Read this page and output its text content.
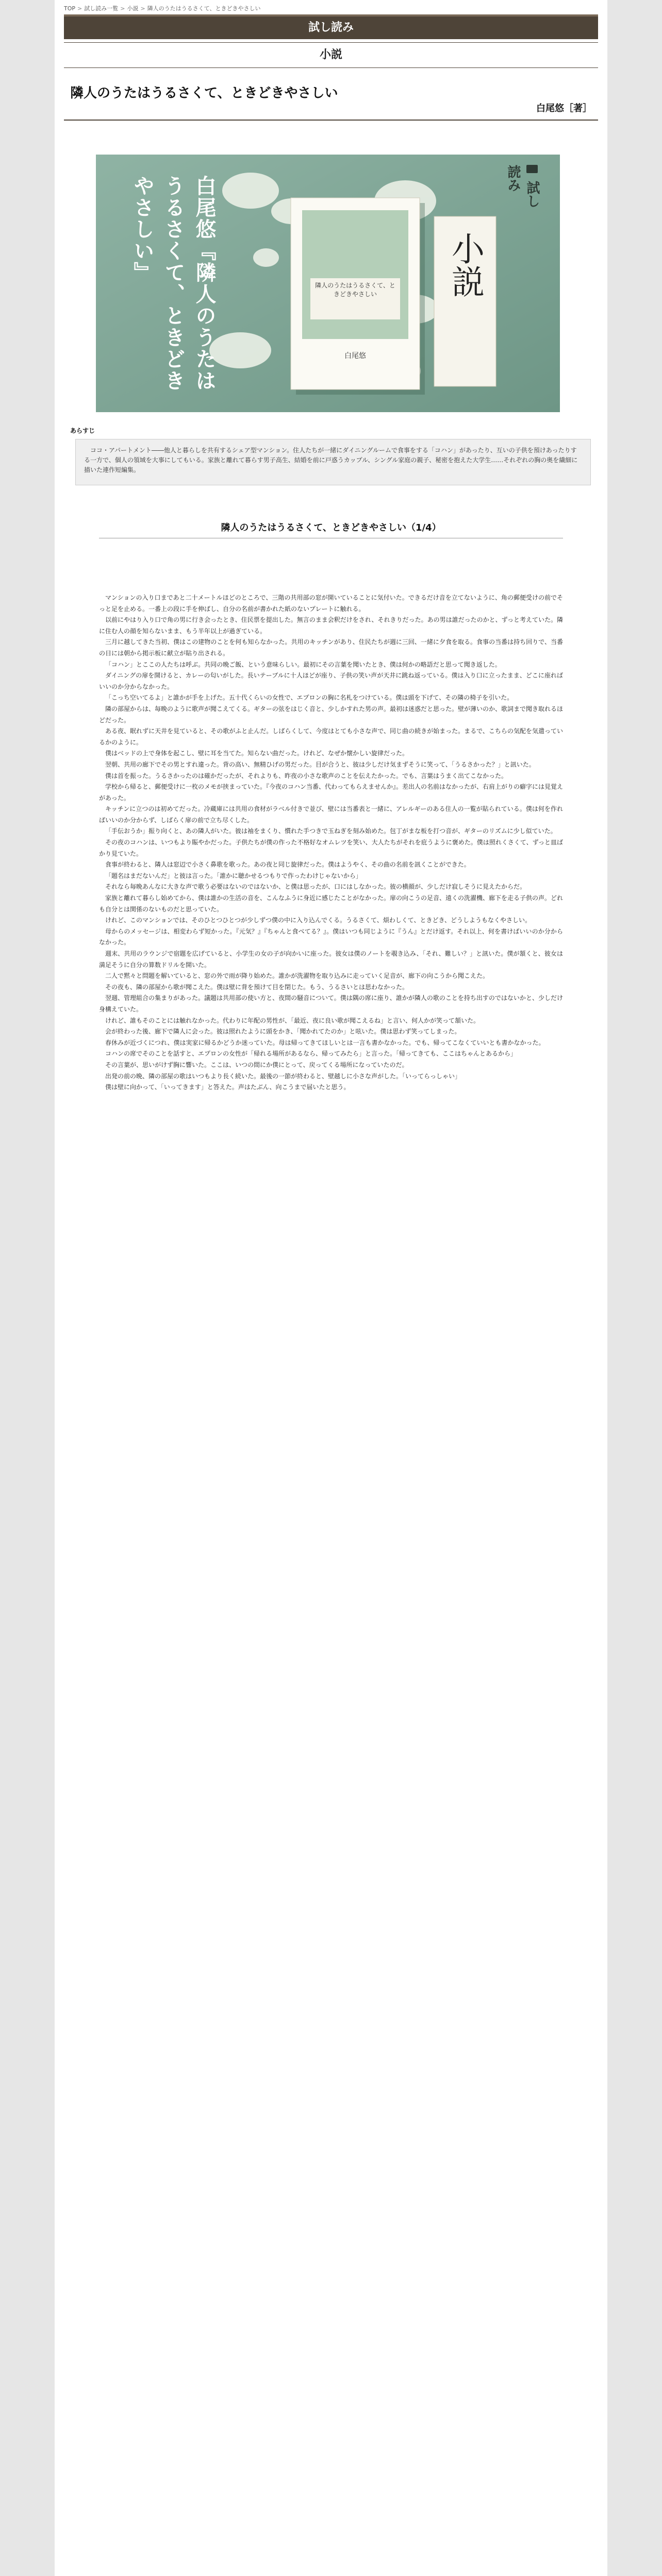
TOP > 試し読み一覧 > 小説 > 隣人のうたはうるさくて、ときどきやさしい
試し読み
小説
隣人のうたはうるさくて、ときどきやさしい
白尾悠［著］
白尾悠『隣人のうたはうるさくて、ときどきやさしい』
隣人のうたはうるさくて、ときどきやさしい
白尾悠
試し読み
小説
あらすじ
ココ・アパートメント――他人と暮らしを共有するシェア型マンション。住人たちが一緒にダイニングルームで食事をする「コハン」があったり、互いの子供を預けあったりする一方で、個人の領域を大事にしてもいる。家族と離れて暮らす男子高生、結婚を前に戸惑うカップル、シングル家庭の親子、秘密を抱えた大学生……それぞれの胸の奥を繊細に描いた連作短編集。
隣人のうたはうるさくて、ときどきやさしい（1/4）

マンションの入り口まであと二十メートルほどのところで、三階の共用部の窓が開いていることに気付いた。できるだけ音を立てないように、角の郵便受けの前でそっと足を止める。一番上の段に手を伸ばし、自分の名前が書かれた紙のないプレートに触れる。

以前にやはり入り口で角の男に行き会ったとき、住民票を提出した。無言のまま会釈だけをされ、それきりだった。あの男は誰だったのかと、ずっと考えていた。隣に住む人の顔を知らないまま、もう半年以上が過ぎている。

三月に越してきた当初、僕はこの建物のことを何も知らなかった。共用のキッチンがあり、住民たちが週に三回、一緒に夕食を取る。食事の当番は持ち回りで、当番の日には朝から掲示板に献立が貼り出される。

「コハン」とここの人たちは呼ぶ。共同の晩ご飯、という意味らしい。最初にその言葉を聞いたとき、僕は何かの略語だと思って聞き返した。

ダイニングの扉を開けると、カレーの匂いがした。長いテーブルに十人ほどが座り、子供の笑い声が天井に跳ね返っている。僕は入り口に立ったまま、どこに座ればいいのか分からなかった。

「こっち空いてるよ」と誰かが手を上げた。五十代くらいの女性で、エプロンの胸に名札をつけている。僕は頭を下げて、その隣の椅子を引いた。

隣の部屋からは、毎晩のように歌声が聞こえてくる。ギターの弦をはじく音と、少しかすれた男の声。最初は迷惑だと思った。壁が薄いのか、歌詞まで聞き取れるほどだった。

ある夜、眠れずに天井を見ていると、その歌がふと止んだ。しばらくして、今度はとても小さな声で、同じ曲の続きが始まった。まるで、こちらの気配を気遣っているかのように。

僕はベッドの上で身体を起こし、壁に耳を当てた。知らない曲だった。けれど、なぜか懐かしい旋律だった。

翌朝、共用の廊下でその男とすれ違った。背の高い、無精ひげの男だった。目が合うと、彼は少しだけ気まずそうに笑って、「うるさかった？」と訊いた。

僕は首を振った。うるさかったのは確かだったが、それよりも、昨夜の小さな歌声のことを伝えたかった。でも、言葉はうまく出てこなかった。

学校から帰ると、郵便受けに一枚のメモが挟まっていた。『今夜のコハン当番、代わってもらえませんか』。差出人の名前はなかったが、右肩上がりの癖字には見覚えがあった。

キッチンに立つのは初めてだった。冷蔵庫には共用の食材がラベル付きで並び、壁には当番表と一緒に、アレルギーのある住人の一覧が貼られている。僕は何を作ればいいのか分からず、しばらく扉の前で立ち尽くした。

「手伝おうか」振り向くと、あの隣人がいた。彼は袖をまくり、慣れた手つきで玉ねぎを刻み始めた。包丁がまな板を打つ音が、ギターのリズムに少し似ていた。

その夜のコハンは、いつもより賑やかだった。子供たちが僕の作った不格好なオムレツを笑い、大人たちがそれを庇うように褒めた。僕は照れくさくて、ずっと皿ばかり見ていた。

食事が終わると、隣人は窓辺で小さく鼻歌を歌った。あの夜と同じ旋律だった。僕はようやく、その曲の名前を訊くことができた。

「題名はまだないんだ」と彼は言った。「誰かに聴かせるつもりで作ったわけじゃないから」

それなら毎晩あんなに大きな声で歌う必要はないのではないか、と僕は思ったが、口にはしなかった。彼の横顔が、少しだけ寂しそうに見えたからだ。

家族と離れて暮らし始めてから、僕は誰かの生活の音を、こんなふうに身近に感じたことがなかった。扉の向こうの足音、遠くの洗濯機、廊下を走る子供の声。どれも自分とは関係のないものだと思っていた。

けれど、このマンションでは、そのひとつひとつが少しずつ僕の中に入り込んでくる。うるさくて、煩わしくて、ときどき、どうしようもなくやさしい。

母からのメッセージは、相変わらず短かった。『元気？』『ちゃんと食べてる？』。僕はいつも同じように『うん』とだけ返す。それ以上、何を書けばいいのか分からなかった。

週末、共用のラウンジで宿題を広げていると、小学生の女の子が向かいに座った。彼女は僕のノートを覗き込み、「それ、難しい？」と訊いた。僕が頷くと、彼女は満足そうに自分の算数ドリルを開いた。

二人で黙々と問題を解いていると、窓の外で雨が降り始めた。誰かが洗濯物を取り込みに走っていく足音が、廊下の向こうから聞こえた。

その夜も、隣の部屋から歌が聞こえた。僕は壁に背を預けて目を閉じた。もう、うるさいとは思わなかった。

翌週、管理組合の集まりがあった。議題は共用部の使い方と、夜間の騒音について。僕は隅の席に座り、誰かが隣人の歌のことを持ち出すのではないかと、少しだけ身構えていた。

けれど、誰もそのことには触れなかった。代わりに年配の男性が、「最近、夜に良い歌が聞こえるね」と言い、何人かが笑って頷いた。

会が終わった後、廊下で隣人に会った。彼は照れたように頭をかき、「聞かれてたのか」と呟いた。僕は思わず笑ってしまった。

春休みが近づくにつれ、僕は実家に帰るかどうか迷っていた。母は帰ってきてほしいとは一言も書かなかった。でも、帰ってこなくていいとも書かなかった。

コハンの席でそのことを話すと、エプロンの女性が「帰れる場所があるなら、帰ってみたら」と言った。「帰ってきても、ここはちゃんとあるから」

その言葉が、思いがけず胸に響いた。ここは、いつの間にか僕にとって、戻ってくる場所になっていたのだ。

出発の前の晩、隣の部屋の歌はいつもより長く続いた。最後の一節が終わると、壁越しに小さな声がした。「いってらっしゃい」

僕は壁に向かって、「いってきます」と答えた。声はたぶん、向こうまで届いたと思う。
